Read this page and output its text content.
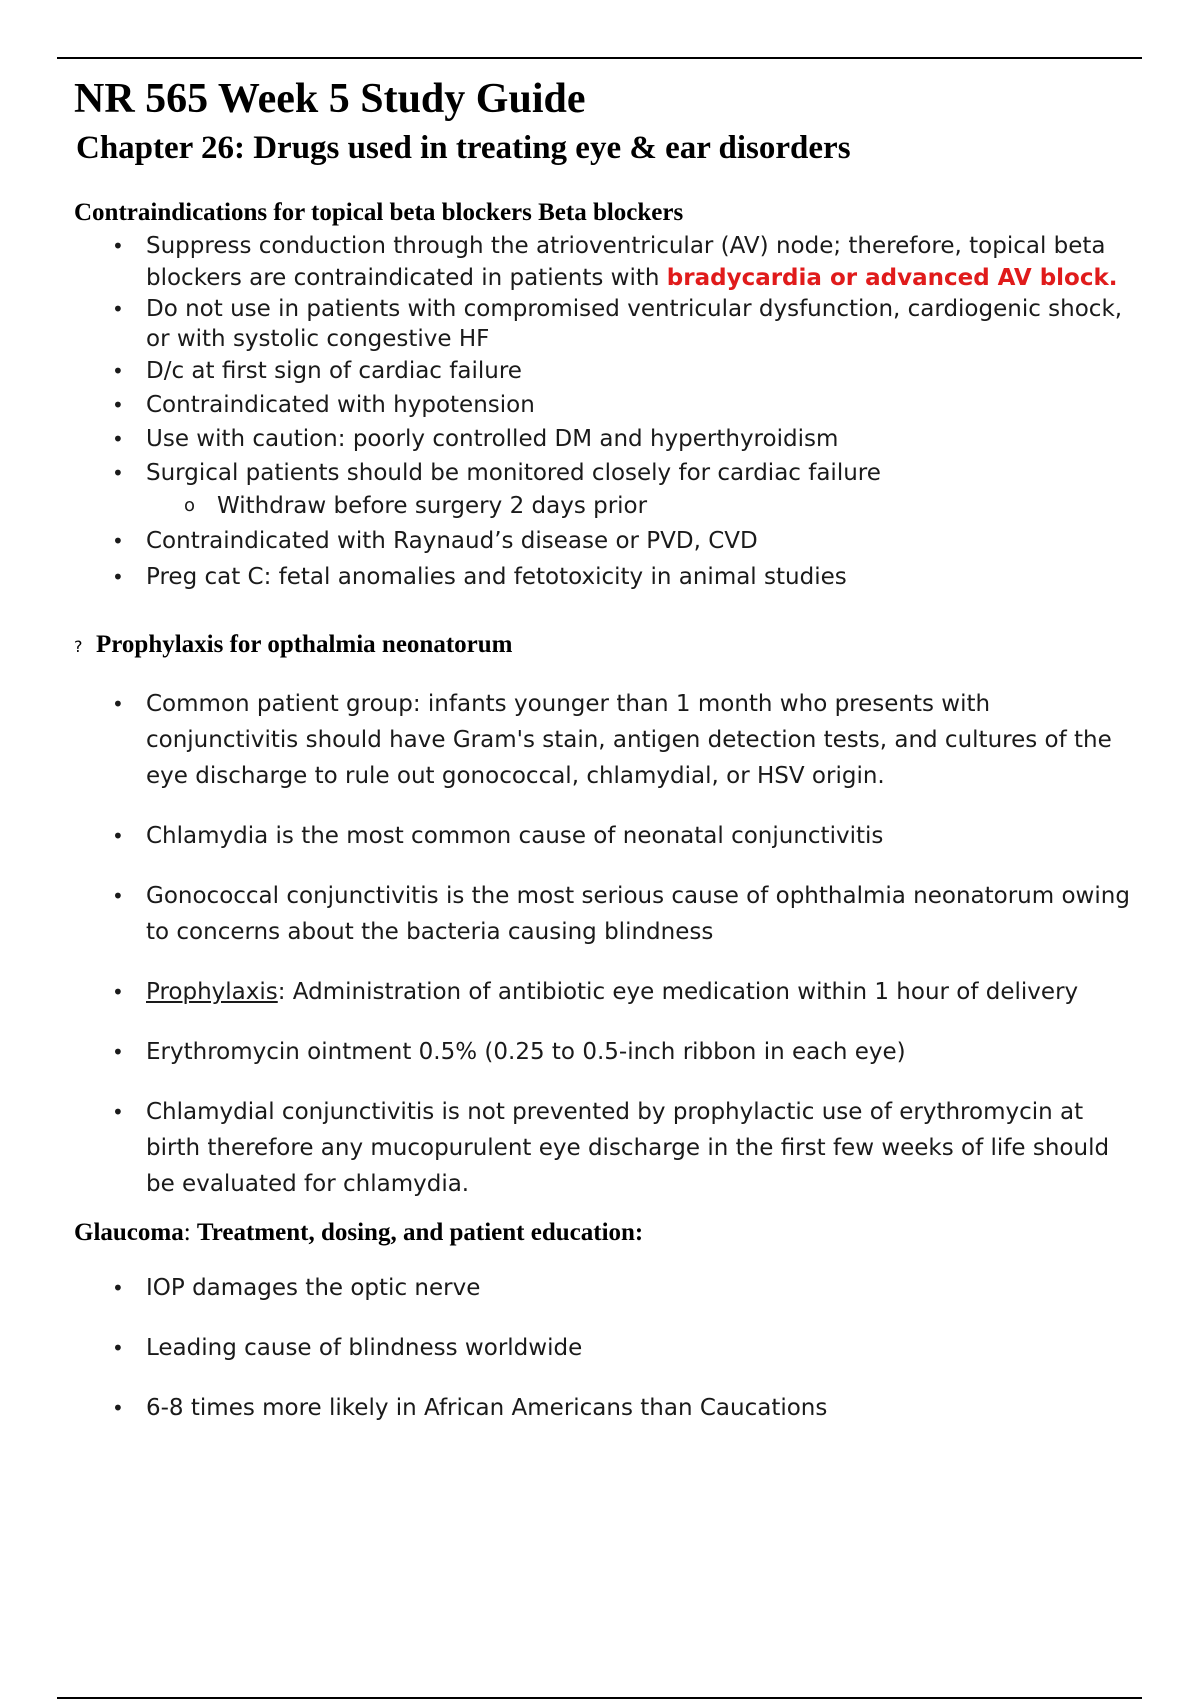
NR 565 Week 5 Study Guide
Chapter 26: Drugs used in treating eye & ear disorders
Contraindications for topical beta blockers Beta blockers
• Suppress conduction through the atrioventricular (AV) node; therefore, topical beta blockers are contraindicated in patients with bradycardia or advanced AV block.
• Do not use in patients with compromised ventricular dysfunction, cardiogenic shock, or with systolic congestive HF
• D/c at first sign of cardiac failure
• Contraindicated with hypotension
• Use with caution: poorly controlled DM and hyperthyroidism
• Surgical patients should be monitored closely for cardiac failure
o Withdraw before surgery 2 days prior
• Contraindicated with Raynaud’s disease or PVD, CVD
• Preg cat C: fetal anomalies and fetotoxicity in animal studies
? Prophylaxis for opthalmia neonatorum
• Common patient group: infants younger than 1 month who presents with conjunctivitis should have Gram's stain, antigen detection tests, and cultures of the eye discharge to rule out gonococcal, chlamydial, or HSV origin.
• Chlamydia is the most common cause of neonatal conjunctivitis
• Gonococcal conjunctivitis is the most serious cause of ophthalmia neonatorum owing to concerns about the bacteria causing blindness
• Prophylaxis: Administration of antibiotic eye medication within 1 hour of delivery
• Erythromycin ointment 0.5% (0.25 to 0.5-inch ribbon in each eye)
• Chlamydial conjunctivitis is not prevented by prophylactic use of erythromycin at birth therefore any mucopurulent eye discharge in the first few weeks of life should be evaluated for chlamydia.
Glaucoma: Treatment, dosing, and patient education:
• IOP damages the optic nerve
• Leading cause of blindness worldwide
• 6-8 times more likely in African Americans than Caucations
